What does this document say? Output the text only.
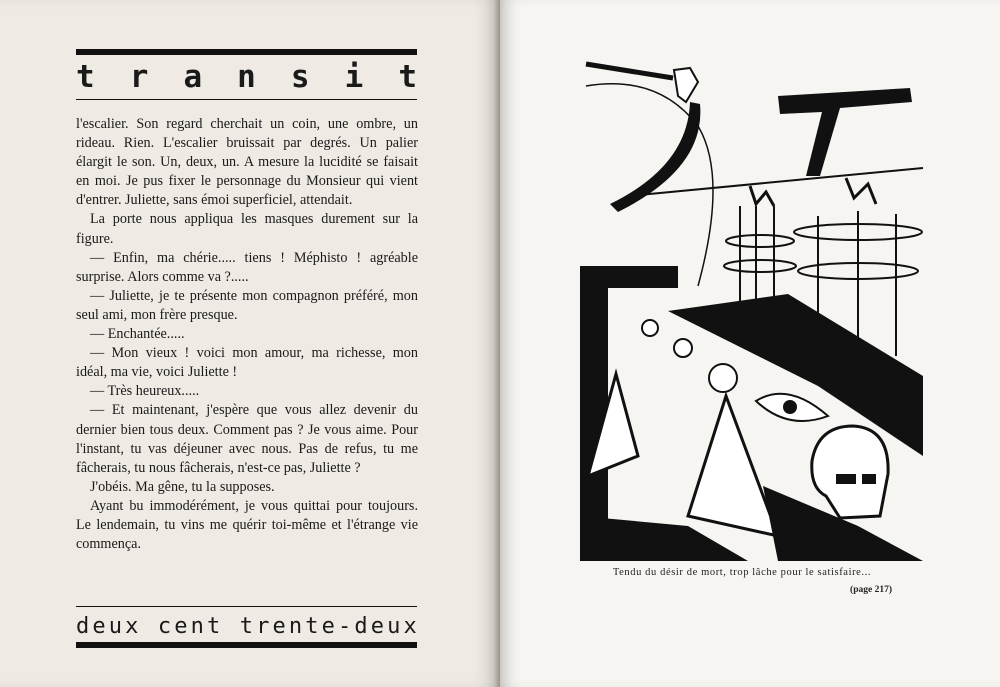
t r a n s i t

l'escalier. Son regard cherchait un coin, une ombre, un rideau. Rien. L'escalier bruissait par degrés. Un palier élargit le son. Un, deux, un. A mesure la lucidité se faisait en moi. Je pus fixer le personnage du Monsieur qui vient d'entrer. Juliette, sans émoi superficiel, attendait.

La porte nous appliqua les masques durement sur la figure.

— Enfin, ma chérie..... tiens ! Méphisto ! agréable surprise. Alors comme va ?.....

— Juliette, je te présente mon compagnon préféré, mon seul ami, mon frère presque.

— Enchantée.....

— Mon vieux ! voici mon amour, ma richesse, mon idéal, ma vie, voici Juliette !

— Très heureux.....

— Et maintenant, j'espère que vous allez devenir du dernier bien tous deux. Comment pas ? Je vous aime. Pour l'instant, tu vas déjeuner avec nous. Pas de refus, tu me fâcherais, tu nous fâcherais, n'est-ce pas, Juliette ?

J'obéis. Ma gêne, tu la supposes.

Ayant bu immodérément, je vous quittai pour toujours. Le lendemain, tu vins me quérir toi-même et l'étrange vie commença.

d e u x
c e n t
t r e n t e - d e u x
Tendu du désir de mort, trop lâche pour le satisfaire...
(page 217)
